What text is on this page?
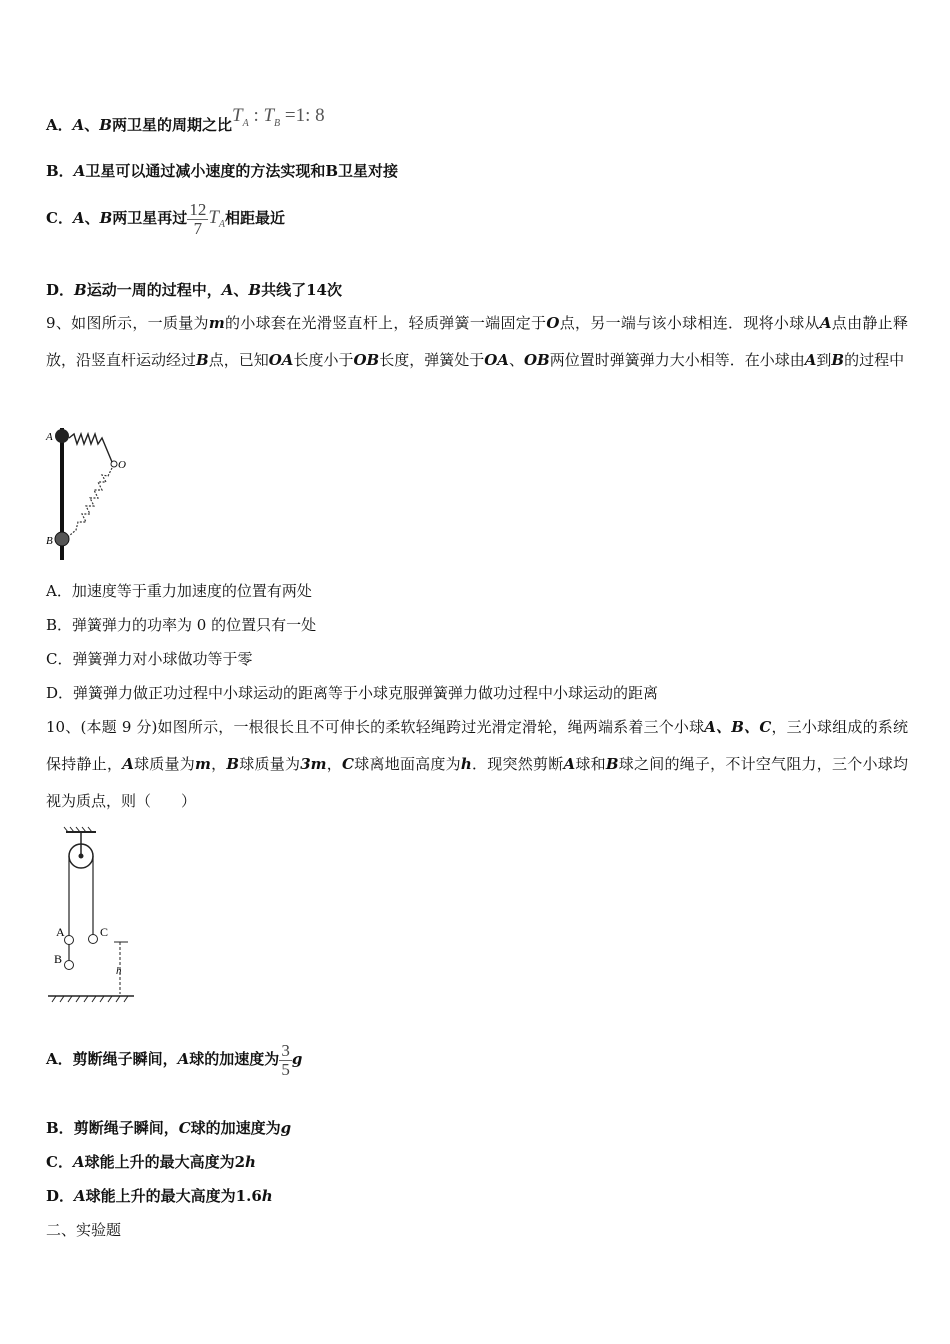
A．A、B两卫星的周期之比$T_A$ : $T_B =1$: 8
B．A卫星可以通过减小速度的方法实现和B卫星对接
C．A、B两卫星再过 $\frac{12}{7} T_A$相距最近
D．B运动一周的过程中，A、B共线了14次
9、如图所示，一质量为m的小球套在光滑竖直杆上，轻质弹簧一端固定于O点，另一端与该小球相连．现将小球从A点由静止释放，沿竖直杆运动经过B点，已知OA长度小于OB长度，弹簧处于OA、OB两位置时弹簧弹力大小相等．在小球由A到B的过程中
A
B
O
A．加速度等于重力加速度的位置有两处
B．弹簧弹力的功率为 0 的位置只有一处
C．弹簧弹力对小球做功等于零
D．弹簧弹力做正功过程中小球运动的距离等于小球克服弹簧弹力做功过程中小球运动的距离
10、(本题 9 分)如图所示，一根很长且不可伸长的柔软轻绳跨过光滑定滑轮，绳两端系着三个小球A、B、C，三小球组成的系统保持静止，A球质量为m，B球质量为3m，C球离地面高度为h．现突然剪断A球和B球之间的绳子，不计空气阻力，三个小球均视为质点，则（　　）
A
B
C
h
A．剪断绳子瞬间，A球的加速度为 $\frac{3}{5}$ g
B．剪断绳子瞬间，C球的加速度为g
C．A球能上升的最大高度为2h
D．A球能上升的最大高度为1.6h
二、实验题
